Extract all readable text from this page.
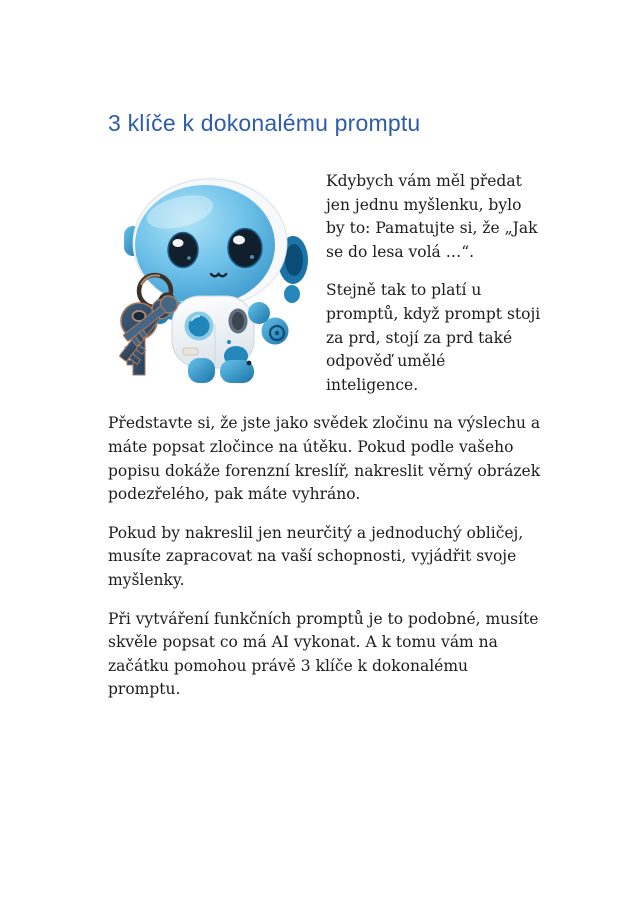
3 klíče k dokonalému promptu

Kdybych vám měl předat jen jednu myšlenku, bylo by to: Pamatujte si, že „Jak se do lesa volá …“.

Stejně tak to platí u promptů, když prompt stoji za prd, stojí za prd také odpověď umělé inteligence.

Představte si, že jste jako svědek zločinu na výslechu a máte popsat zločince na útěku. Pokud podle vašeho popisu dokáže forenzní kreslíř, nakreslit věrný obrázek podezřelého, pak máte vyhráno.

Pokud by nakreslil jen neurčitý a jednoduchý obličej, musíte zapracovat na vaší schopnosti, vyjádřit svoje myšlenky.

Při vytváření funkčních promptů je to podobné, musíte skvěle popsat co má AI vykonat. A k tomu vám na začátku pomohou právě 3 klíče k dokonalému promptu.
